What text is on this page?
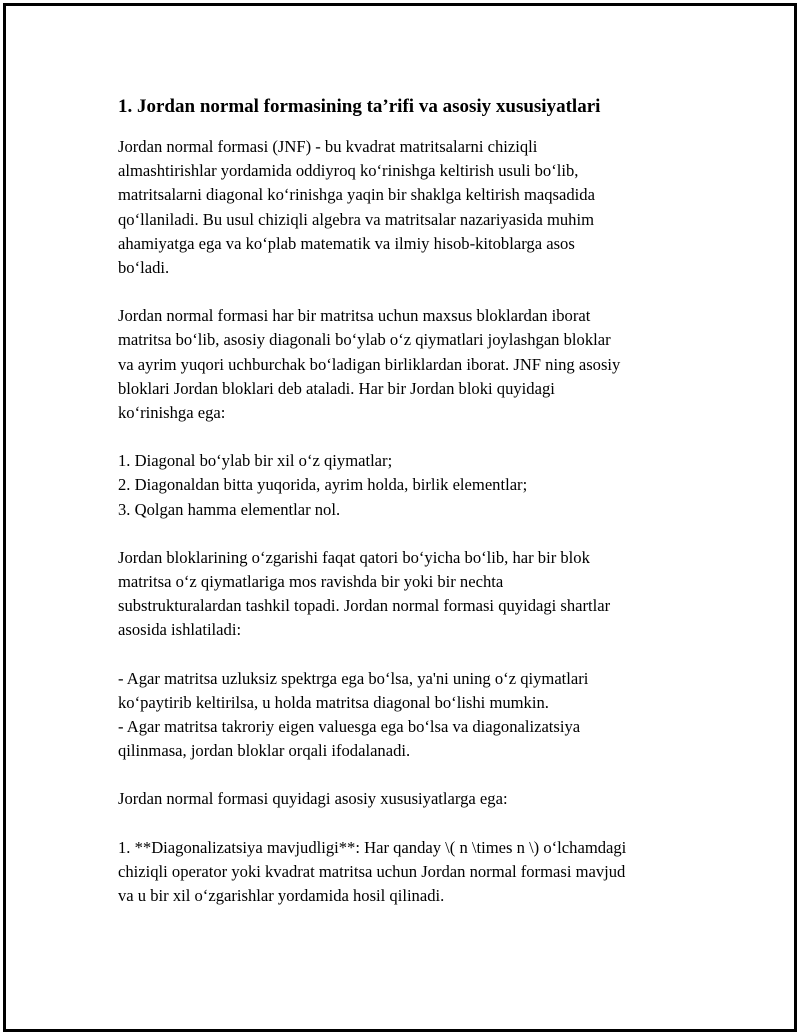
1. Jordan normal formasining ta’rifi va asosiy xususiyatlari
Jordan normal formasi (JNF) - bu kvadrat matritsalarni chiziqli
almashtirishlar yordamida oddiyroq ko‘rinishga keltirish usuli bo‘lib,
matritsalarni diagonal ko‘rinishga yaqin bir shaklga keltirish maqsadida
qo‘llaniladi. Bu usul chiziqli algebra va matritsalar nazariyasida muhim
ahamiyatga ega va ko‘plab matematik va ilmiy hisob-kitoblarga asos
bo‘ladi.
Jordan normal formasi har bir matritsa uchun maxsus bloklardan iborat
matritsa bo‘lib, asosiy diagonali bo‘ylab o‘z qiymatlari joylashgan bloklar
va ayrim yuqori uchburchak bo‘ladigan birliklardan iborat. JNF ning asosiy
bloklari Jordan bloklari deb ataladi. Har bir Jordan bloki quyidagi
ko‘rinishga ega:
1. Diagonal bo‘ylab bir xil o‘z qiymatlar;
2. Diagonaldan bitta yuqorida, ayrim holda, birlik elementlar;
3. Qolgan hamma elementlar nol.
Jordan bloklarining o‘zgarishi faqat qatori bo‘yicha bo‘lib, har bir blok
matritsa o‘z qiymatlariga mos ravishda bir yoki bir nechta
substrukturalardan tashkil topadi. Jordan normal formasi quyidagi shartlar
asosida ishlatiladi:
- Agar matritsa uzluksiz spektrga ega bo‘lsa, ya'ni uning o‘z qiymatlari
ko‘paytirib keltirilsa, u holda matritsa diagonal bo‘lishi mumkin.
- Agar matritsa takroriy eigen valuesga ega bo‘lsa va diagonalizatsiya
qilinmasa, jordan bloklar orqali ifodalanadi.
Jordan normal formasi quyidagi asosiy xususiyatlarga ega:
1. **Diagonalizatsiya mavjudligi**: Har qanday \( n \times n \) o‘lchamdagi
chiziqli operator yoki kvadrat matritsa uchun Jordan normal formasi mavjud
va u bir xil o‘zgarishlar yordamida hosil qilinadi.
